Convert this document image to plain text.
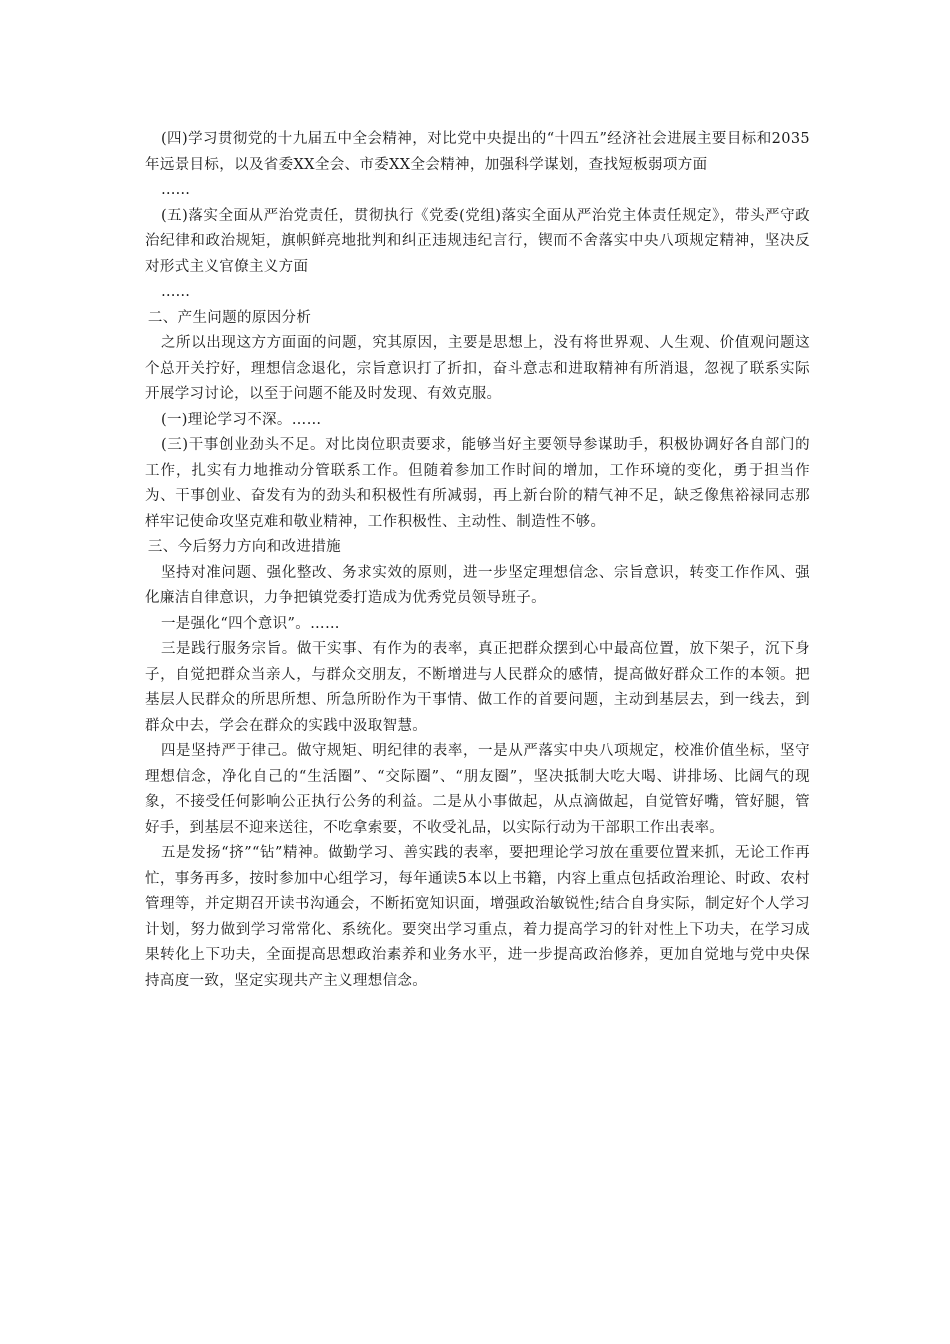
(四)学习贯彻党的十九届五中全会精神，对比党中央提出的“十四五”经济社会进展主要目标和2035年远景目标，以及省委XX全会、市委XX全会精神，加强科学谋划，查找短板弱项方面

……

(五)落实全面从严治党责任，贯彻执行《党委(党组)落实全面从严治党主体责任规定》，带头严守政治纪律和政治规矩，旗帜鲜亮地批判和纠正违规违纪言行，锲而不舍落实中央八项规定精神，坚决反对形式主义官僚主义方面

……

二、产生问题的原因分析

之所以出现这方方面面的问题，究其原因，主要是思想上，没有将世界观、人生观、价值观问题这个总开关拧好，理想信念退化，宗旨意识打了折扣，奋斗意志和进取精神有所消退，忽视了联系实际开展学习讨论，以至于问题不能及时发现、有效克服。

(一)理论学习不深。……

(三)干事创业劲头不足。对比岗位职责要求，能够当好主要领导参谋助手，积极协调好各自部门的工作，扎实有力地推动分管联系工作。但随着参加工作时间的增加，工作环境的变化，勇于担当作为、干事创业、奋发有为的劲头和积极性有所减弱，再上新台阶的精气神不足，缺乏像焦裕禄同志那样牢记使命攻坚克难和敬业精神，工作积极性、主动性、制造性不够。

三、今后努力方向和改进措施

坚持对准问题、强化整改、务求实效的原则，进一步坚定理想信念、宗旨意识，转变工作作风、强化廉洁自律意识，力争把镇党委打造成为优秀党员领导班子。

一是强化“四个意识”。……

三是践行服务宗旨。做干实事、有作为的表率，真正把群众摆到心中最高位置，放下架子，沉下身子，自觉把群众当亲人，与群众交朋友，不断增进与人民群众的感情，提高做好群众工作的本领。把基层人民群众的所思所想、所急所盼作为干事情、做工作的首要问题，主动到基层去，到一线去，到群众中去，学会在群众的实践中汲取智慧。

四是坚持严于律己。做守规矩、明纪律的表率，一是从严落实中央八项规定，校准价值坐标，坚守理想信念，净化自己的“生活圈”、“交际圈”、“朋友圈”，坚决抵制大吃大喝、讲排场、比阔气的现象，不接受任何影响公正执行公务的利益。二是从小事做起，从点滴做起，自觉管好嘴，管好腿，管好手，到基层不迎来送往，不吃拿索要，不收受礼品，以实际行动为干部职工作出表率。

五是发扬“挤”“钻”精神。做勤学习、善实践的表率，要把理论学习放在重要位置来抓，无论工作再忙，事务再多，按时参加中心组学习，每年通读5本以上书籍，内容上重点包括政治理论、时政、农村管理等，并定期召开读书沟通会，不断拓宽知识面，增强政治敏锐性;结合自身实际，制定好个人学习计划，努力做到学习常常化、系统化。要突出学习重点，着力提高学习的针对性上下功夫，在学习成果转化上下功夫，全面提高思想政治素养和业务水平，进一步提高政治修养，更加自觉地与党中央保持高度一致，坚定实现共产主义理想信念。
